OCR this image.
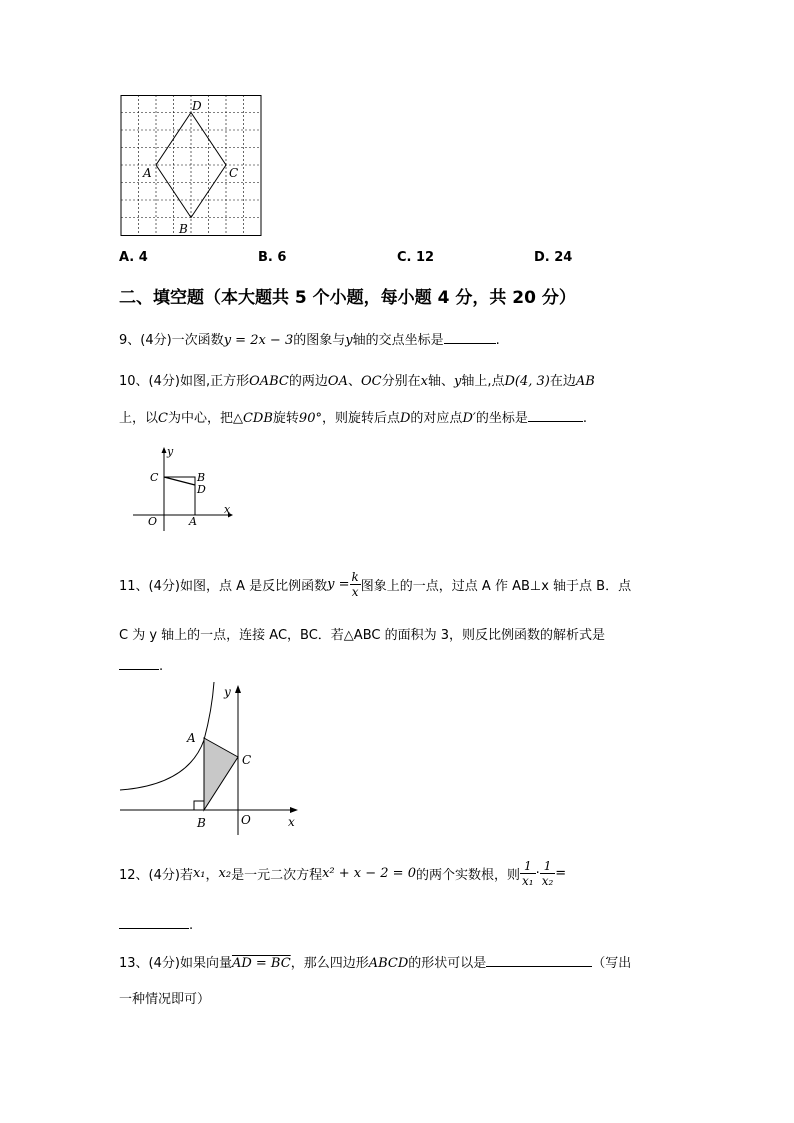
D
A	C
B
A. 4	B. 6	C. 12	D. 24
二、填空题（本大题共 5 个小题，每小题 4 分，共 20 分）
9、(4分)一次函数y = 2x − 3的图象与y轴的交点坐标是	.
10、(4分)如图,正方形OABC的两边OA、OC分别在x轴、y轴上,点D(4, 3)在边AB
上，以C为中心，把△CDB旋转90°，则旋转后点D的对应点D′的坐标是	.
y
C	B
D
O	A
x
11、(4分)如图，点 A 是反比例函数$y = \frac{k}{x}$ 图象上的一点，过点 A 作 AB⊥x 轴于点 B．点
C 为 y 轴上的一点，连接 AC，BC．若△ABC 的面积为 3，则反比例函数的解析式是
.
y
A
C
B	O	x
12、(4分)若x₁，x₂是一元二次方程x² + x − 2 = 0的两个实数根，则 $\frac{1}{\text{x₁}} \cdot \frac{1}{\text{x₂}}$ =
.
13、(4分)如果向量AD = BC，那么四边形ABCD的形状可以是	（写出
一种情况即可）
